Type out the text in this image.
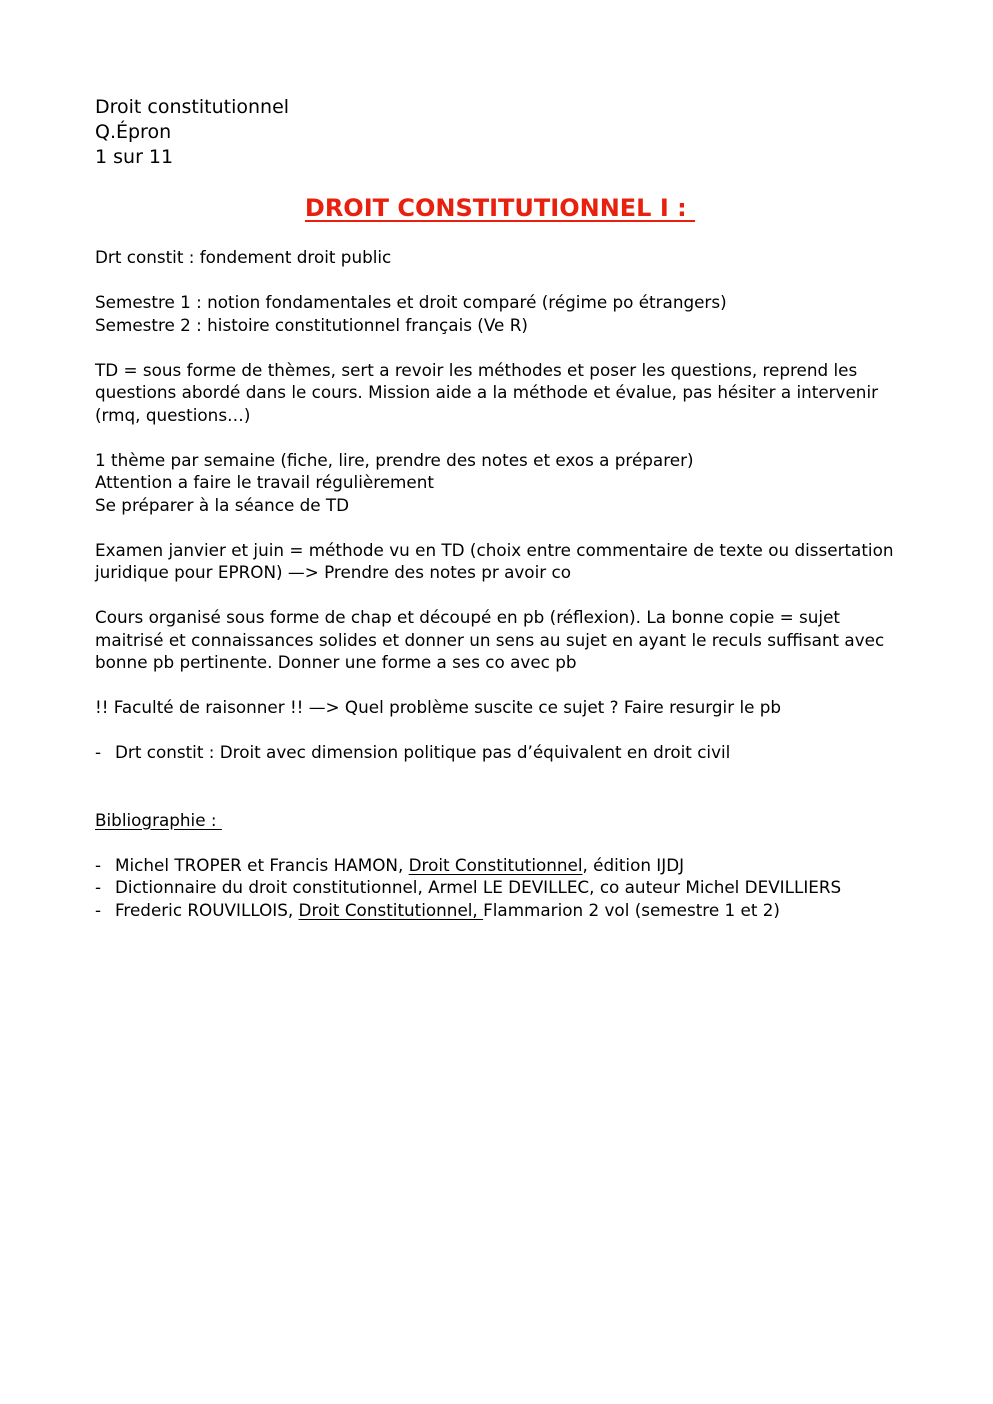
Droit constitutionnel
Q.Épron
1 sur 11
DROIT CONSTITUTIONNEL I :

Drt constit : fondement droit public

Semestre 1 : notion fondamentales et droit comparé (régime po étrangers)

Semestre 2 : histoire constitutionnel français (Ve R)

TD = sous forme de thèmes, sert a revoir les méthodes et poser les questions, reprend les questions abordé dans le cours. Mission aide a la méthode et évalue, pas hésiter a intervenir (rmq, questions…)

1 thème par semaine (fiche, lire, prendre des notes et exos a préparer)

Attention a faire le travail régulièrement

Se préparer à la séance de TD

Examen janvier et juin = méthode vu en TD (choix entre commentaire de texte ou dissertation juridique pour EPRON) —> Prendre des notes pr avoir co

Cours organisé sous forme de chap et découpé en pb (réflexion). La bonne copie = sujet maitrisé et connaissances solides et donner un sens au sujet en ayant le reculs suffisant avec bonne pb pertinente. Donner une forme a ses co avec pb

!! Faculté de raisonner !! —> Quel problème suscite ce sujet ? Faire resurgir le pb

- Drt constit : Droit avec dimension politique pas d’équivalent en droit civil

Bibliographie :

- Michel TROPER et Francis HAMON, Droit Constitutionnel, édition IJDJ
- Dictionnaire du droit constitutionnel, Armel LE DEVILLEC, co auteur Michel DEVILLIERS
- Frederic ROUVILLOIS, Droit Constitutionnel, Flammarion 2 vol (semestre 1 et 2)
